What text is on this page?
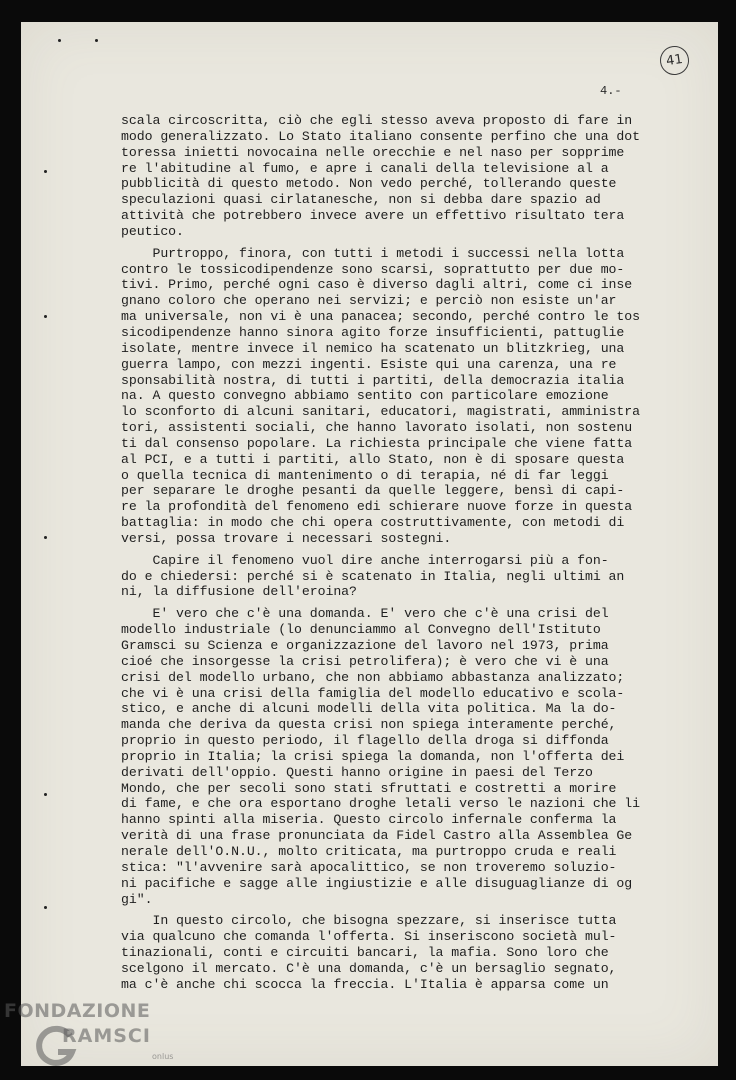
4.-
41
scala circoscritta, ciò che egli stesso aveva proposto di fare in
modo generalizzato. Lo Stato italiano consente perfino che una dot
toressa inietti novocaina nelle orecchie e nel naso per sopprime
re l'abitudine al fumo, e apre i canali della televisione al a
pubblicità di questo metodo. Non vedo perché, tollerando queste
speculazioni quasi cirlatanesche, non si debba dare spazio ad
attività che potrebbero invece avere un effettivo risultato tera
peutico.
Purtroppo, finora, con tutti i metodi i successi nella lotta
contro le tossicodipendenze sono scarsi, soprattutto per due mo-
tivi. Primo, perché ogni caso è diverso dagli altri, come ci inse
gnano coloro che operano nei servizi; e perciò non esiste un'ar
ma universale, non vi è una panacea; secondo, perché contro le tos
sicodipendenze hanno sinora agito forze insufficienti, pattuglie
isolate, mentre invece il nemico ha scatenato un blitzkrieg, una
guerra lampo, con mezzi ingenti. Esiste qui una carenza, una re
sponsabilità nostra, di tutti i partiti, della democrazia italia
na. A questo convegno abbiamo sentito con particolare emozione
lo sconforto di alcuni sanitari, educatori, magistrati, amministra
tori, assistenti sociali, che hanno lavorato isolati, non sostenu
ti dal consenso popolare. La richiesta principale che viene fatta
al PCI, e a tutti i partiti, allo Stato, non è di sposare questa
o quella tecnica di mantenimento o di terapia, né di far leggi
per separare le droghe pesanti da quelle leggere, bensì di capi-
re la profondità del fenomeno edi schierare nuove forze in questa
battaglia: in modo che chi opera costruttivamente, con metodi di
versi, possa trovare i necessari sostegni.
Capire il fenomeno vuol dire anche interrogarsi più a fon-
do e chiedersi: perché si è scatenato in Italia, negli ultimi an
ni, la diffusione dell'eroina?
E' vero che c'è una domanda. E' vero che c'è una crisi del
modello industriale (lo denunciammo al Convegno dell'Istituto
Gramsci su Scienza e organizzazione del lavoro nel 1973, prima
cioé che insorgesse la crisi petrolifera); è vero che vi è una
crisi del modello urbano, che non abbiamo abbastanza analizzato;
che vi è una crisi della famiglia del modello educativo e scola-
stico, e anche di alcuni modelli della vita politica. Ma la do-
manda che deriva da questa crisi non spiega interamente perché,
proprio in questo periodo, il flagello della droga si diffonda
proprio in Italia; la crisi spiega la domanda, non l'offerta dei
derivati dell'oppio. Questi hanno origine in paesi del Terzo
Mondo, che per secoli sono stati sfruttati e costretti a morire
di fame, e che ora esportano droghe letali verso le nazioni che li
hanno spinti alla miseria. Questo circolo infernale conferma la
verità di una frase pronunciata da Fidel Castro alla Assemblea Ge
nerale dell'O.N.U., molto criticata, ma purtroppo cruda e reali
stica: "l'avvenire sarà apocalittico, se non troveremo soluzio-
ni pacifiche e sagge alle ingiustizie e alle disuguaglianze di og
gi".
In questo circolo, che bisogna spezzare, si inserisce tutta
via qualcuno che comanda l'offerta. Si inseriscono società mul-
tinazionali, conti e circuiti bancari, la mafia. Sono loro che
scelgono il mercato. C'è una domanda, c'è un bersaglio segnato,
ma c'è anche chi scocca la freccia. L'Italia è apparsa come un
FONDAZIONE
RAMSCI
onlus
